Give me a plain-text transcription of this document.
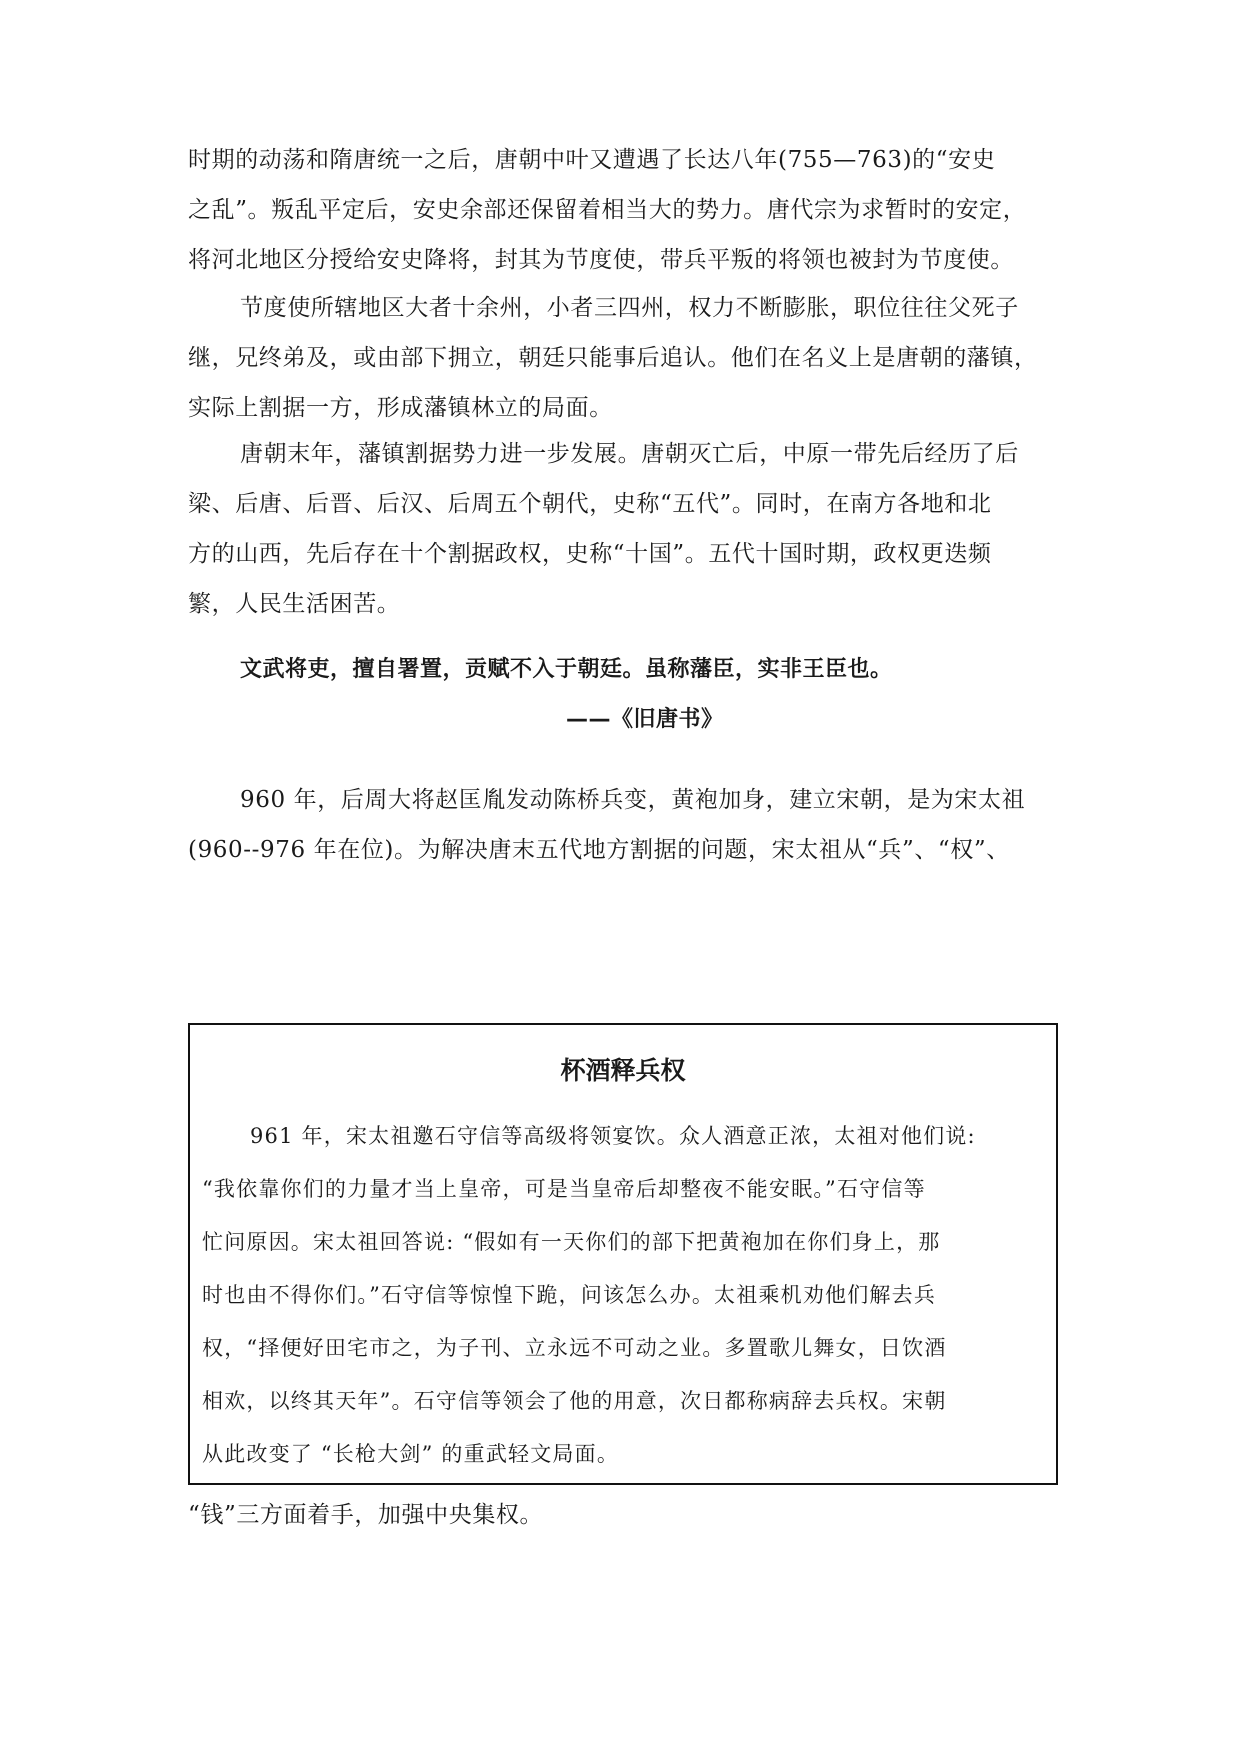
时期的动荡和隋唐统一之后，唐朝中叶又遭遇了长达八年(755—763)的“安史
之乱”。叛乱平定后，安史余部还保留着相当大的势力。唐代宗为求暂时的安定，
将河北地区分授给安史降将，封其为节度使，带兵平叛的将领也被封为节度使。
节度使所辖地区大者十余州，小者三四州，权力不断膨胀，职位往往父死子
继，兄终弟及，或由部下拥立，朝廷只能事后追认。他们在名义上是唐朝的藩镇，
实际上割据一方，形成藩镇林立的局面。
唐朝末年，藩镇割据势力进一步发展。唐朝灭亡后，中原一带先后经历了后
梁、后唐、后晋、后汉、后周五个朝代，史称“五代”。同时，在南方各地和北
方的山西，先后存在十个割据政权，史称“十国”。五代十国时期，政权更迭频
繁，人民生活困苦。
文武将吏，擅自署置，贡赋不入于朝廷。虽称藩臣，实非王臣也。
——《旧唐书》
960 年，后周大将赵匡胤发动陈桥兵变，黄袍加身，建立宋朝，是为宋太祖
(960--976 年在位)。为解决唐末五代地方割据的问题，宋太祖从“兵”、“权”、
杯酒释兵权
961 年，宋太祖邀石守信等高级将领宴饮。众人酒意正浓，太祖对他们说:
“我依靠你们的力量才当上皇帝，可是当皇帝后却整夜不能安眠。”石守信等
忙问原因。宋太祖回答说: “假如有一天你们的部下把黄袍加在你们身上，那
时也由不得你们。”石守信等惊惶下跪，问该怎么办。太祖乘机劝他们解去兵
权，“择便好田宅市之，为子刊、立永远不可动之业。多置歌儿舞女，日饮酒
相欢，以终其天年”。石守信等领会了他的用意，次日都称病辞去兵权。宋朝
从此改变了 “长枪大剑” 的重武轻文局面。
“钱”三方面着手，加强中央集权。
